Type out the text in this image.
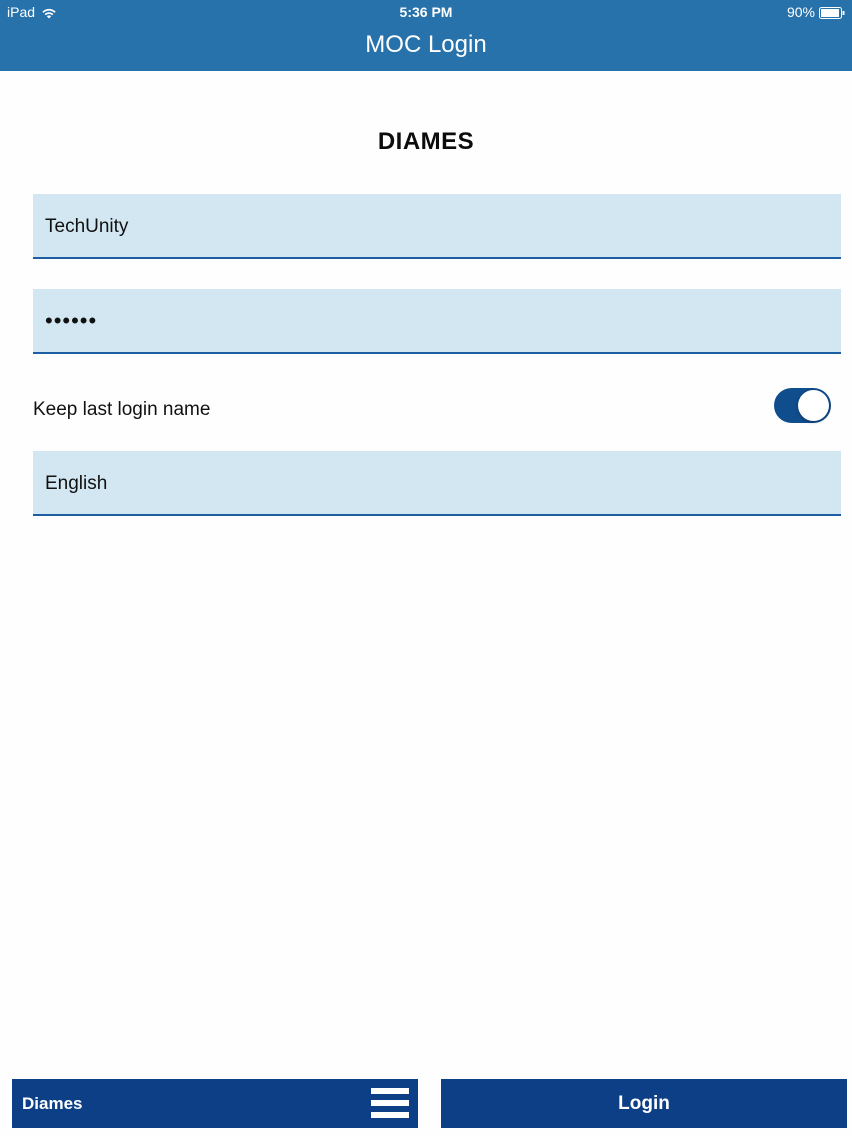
iPad	5:36 PM	90%
MOC Login
DIAMES
TechUnity
••••••
Keep last login name
English
Diames	Login
